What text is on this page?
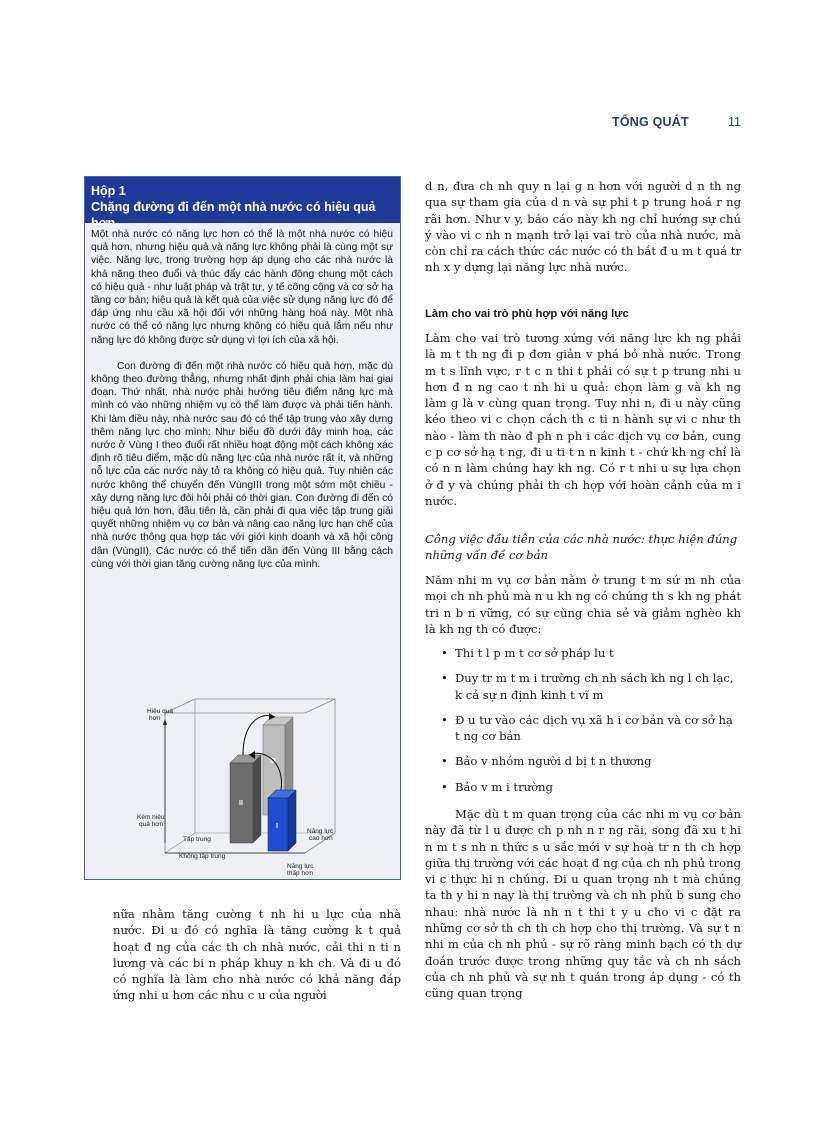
TỔNG QUÁT	11
Hộp 1
Chặng đường đi đến một nhà nước có hiệu quả

Một nhà nước có năng lực hơn có thể là một nhà nước có hiệu quả hơn, nhưng hiệu quả và năng lực không phải là cùng một sự việc. Năng lực, trong trường hợp áp dụng cho các nhà nước là khả năng theo đuổi và thúc đẩy các hành động chung một cách có hiệu quả - như luật pháp và trật tự, y tế công cộng và cơ sở hạ tầng cơ bản; hiệu quả là kết quả của việc sử dụng năng lực đó để đáp ứng nhu cầu xã hội đối với những hàng hoá này. Một nhà nước có thể có năng lực nhưng không có hiệu quả lắm nếu như năng lực đó không được sử dụng vì lợi ích của xã hội.

Con đường đi đến một nhà nước có hiệu quả hơn, mặc dù không theo đường thẳng, nhưng nhất định phải chia làm hai giai đoạn. Thứ nhất, nhà nước phải hướng tiêu điểm năng lực mà mình có vào những nhiệm vụ có thể làm được và phải tiến hành. Khi làm điều này, nhà nước sau đó có thể tập trung vào xây dựng thêm năng lực cho mình: Như biểu đồ dưới đây minh hoạ, các nước ở Vùng I theo đuổi rất nhiều hoạt động một cách không xác định rõ tiêu điểm, mặc dù năng lực của nhà nước rất ít, và những nỗ lực của các nước này tỏ ra không có hiệu quả. Tuy nhiên các nước không thể chuyển đến VùngIII trong một sớm một chiều - xây dựng năng lực đòi hỏi phải có thời gian. Con đường đi đến có hiệu quả lớn hơn, đầu tiên là, cần phải đi qua việc tập trung giải quyết những nhiệm vụ cơ bản và nâng cao năng lực hạn chế của nhà nước thông qua hợp tác với giới kinh doanh và xã hội công dân (VùngII). Các nước có thể tiến dần đến Vùng III bằng cách cùng với thời gian tăng cường năng lực của mình.

III
II
I
Hiệu quả
hơn
Kém hiệu
quả hơn
Tập trung
Không tập trung
Năng lực
cao hơn
Năng lực
thấp hơn

nữa nhằm tăng cường t nh hi u lực của nhà nước. Đi u đó có nghĩa là tăng cường k t quả hoạt đ ng của các th ch nhà nước, cải thi n ti n lương và các bi n pháp khuy n kh ch. Và đi u đó có nghĩa là làm cho nhà nước có khả năng đáp ứng nhi u hơn các nhu c u của người

d n, đưa ch nh quy n lại g n hơn với người d n th ng qua sự tham gia của d n và sự phi t p trung hoá r ng rãi hơn. Như v y, báo cáo này kh ng chỉ hướng sự chú ý vào vi c nh n mạnh trở lại vai trò của nhà nước, mà còn chỉ ra cách thức các nước có th bắt đ u m t quá tr nh x y dựng lại năng lực nhà nước.

Làm cho vai trò phù hợp với năng lực

Làm cho vai trò tương xứng với năng lực kh ng phải là m t th ng đi p đơn giản v phá bỏ nhà nước. Trong m t s lĩnh vực, r t c n thi t phải có sự t p trung nhi u hơn đ n ng cao t nh hi u quả: chọn làm g và kh ng làm g là v cùng quan trọng. Tuy nhi n, đi u này cũng kéo theo vi c chọn cách th c ti n hành sự vi c như th nào - làm th nào đ ph n ph i các dịch vụ cơ bản, cung c p cơ sở hạ t ng, đi u ti t n n kinh t - chứ kh ng chỉ là có n n làm chúng hay kh ng. Có r t nhi u sự lựa chọn ở đ y và chúng phải th ch hợp với hoàn cảnh của m i nước.

Công việc đầu tiên của các nhà nước: thực hiện đúng những vấn đề cơ bản

Năm nhi m vụ cơ bản nằm ở trung t m sứ m nh của mọi ch nh phủ mà n u kh ng có chúng th s kh ng phát tri n b n vững, có sự cùng chia sẻ và giảm nghèo kh là kh ng th có được:

• Thi t l p m t cơ sở pháp lu t
• Duy tr m t m i trường ch nh sách kh ng l ch lạc, k cả sự n định kinh t vĩ m
• Đ u tư vào các dịch vụ xã h i cơ bản và cơ sở hạ t ng cơ bản
• Bảo v nhóm người d bị t n thương
• Bảo v m i trường

Mặc dù t m quan trọng của các nhi m vụ cơ bản này đã từ l u được ch p nh n r ng rãi, song đã xu t hi n m t s nh n thức s u sắc mới v sự hoà tr n th ch hợp giữa thị trường với các hoạt đ ng của ch nh phủ trong vi c thực hi n chúng. Đi u quan trọng nh t mà chúng ta th y hi n nay là thị trường và ch nh phủ b sung cho nhau: nhà nước là nh n t thi t y u cho vi c đặt ra những cơ sở th ch th ch hợp cho thị trường. Và sự t n nhi m của ch nh phủ - sự rõ ràng minh bạch có th dự đoán trước được trong những quy tắc và ch nh sách của ch nh phủ và sự nh t quán trong áp dụng - có th cũng quan trọng
